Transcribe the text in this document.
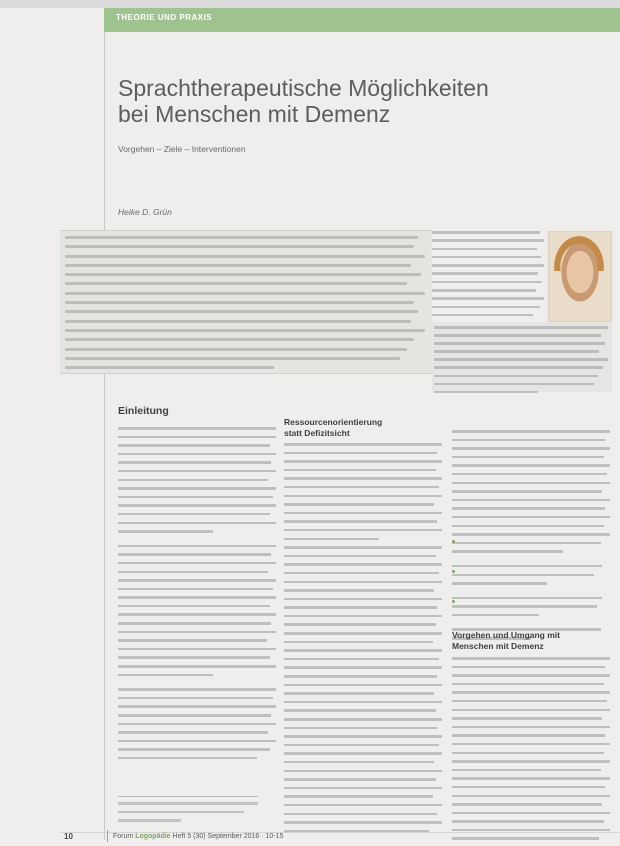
THEORIE UND PRAXIS
Sprachtherapeutische Möglichkeiten
bei Menschen mit Demenz
Vorgehen – Ziele – Interventionen
Heike D. Grün
Einleitung
Ressourcenorientierung
statt Defizitsicht
Vorgehen und Umgang mit
Menschen mit Demenz
10	Forum Logopädie Heft 5 (30) September 2016 · 10-15
